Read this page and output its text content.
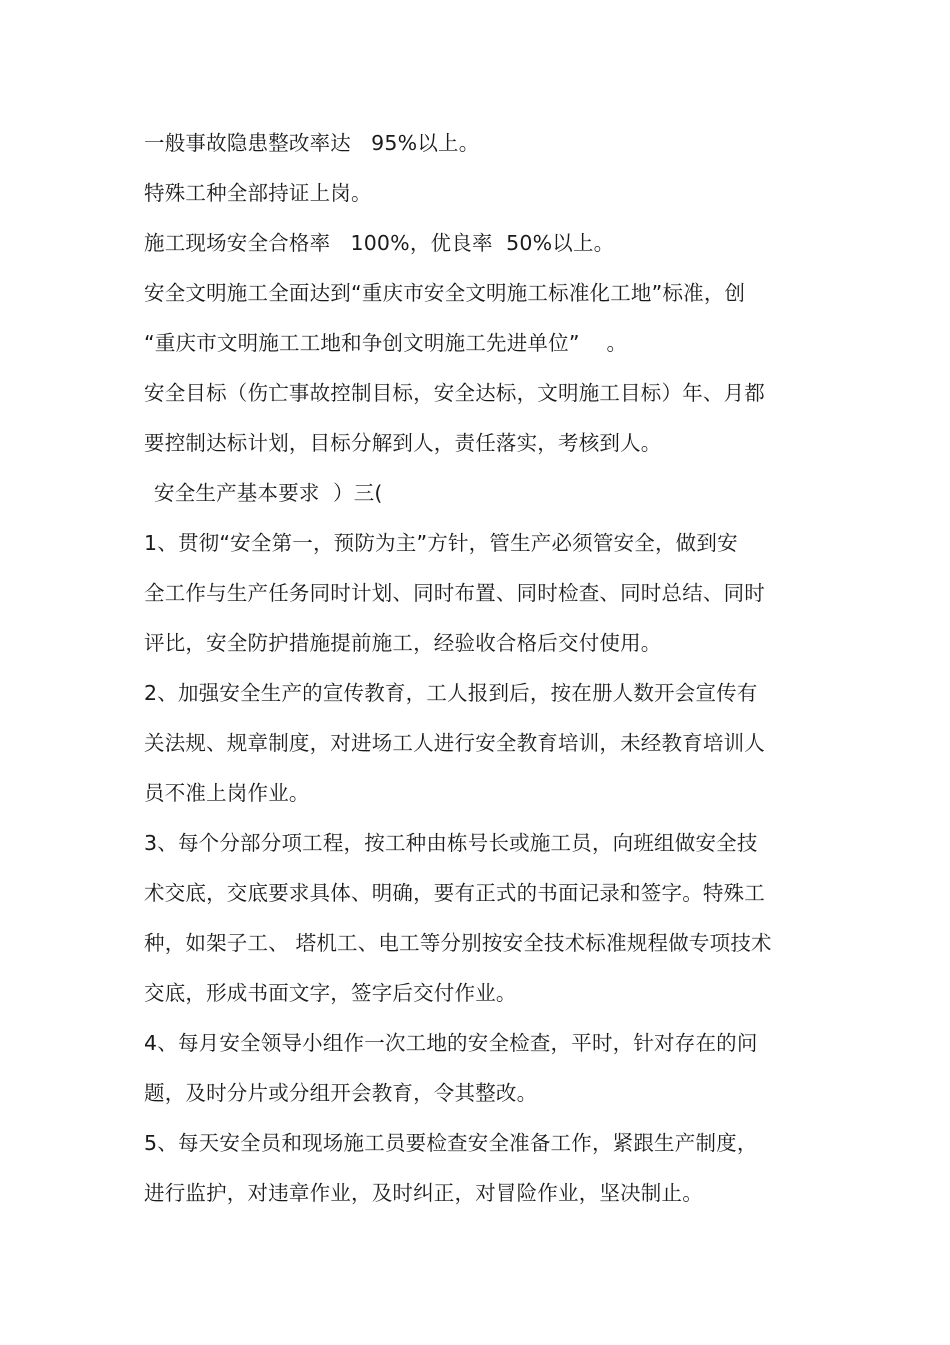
一般事故隐患整改率达   95%以上。
特殊工种全部持证上岗。
施工现场安全合格率   100%，优良率  50%以上。
安全文明施工全面达到“重庆市安全文明施工标准化工地”标准，创
“重庆市文明施工工地和争创文明施工先进单位”    。
安全目标（伤亡事故控制目标，安全达标，文明施工目标）年、月都
要控制达标计划，目标分解到人，责任落实，考核到人。
安全生产基本要求  ）三(
1、贯彻“安全第一，预防为主”方针，管生产必须管安全，做到安
全工作与生产任务同时计划、同时布置、同时检查、同时总结、同时
评比，安全防护措施提前施工，经验收合格后交付使用。
2、加强安全生产的宣传教育，工人报到后，按在册人数开会宣传有
关法规、规章制度，对进场工人进行安全教育培训，未经教育培训人
员不准上岗作业。
3、每个分部分项工程，按工种由栋号长或施工员，向班组做安全技
术交底，交底要求具体、明确，要有正式的书面记录和签字。特殊工
种，如架子工、 塔机工、电工等分别按安全技术标准规程做专项技术
交底，形成书面文字，签字后交付作业。
4、每月安全领导小组作一次工地的安全检查，平时，针对存在的问
题，及时分片或分组开会教育，令其整改。
5、每天安全员和现场施工员要检查安全准备工作，紧跟生产制度，
进行监护，对违章作业，及时纠正，对冒险作业，坚决制止。
